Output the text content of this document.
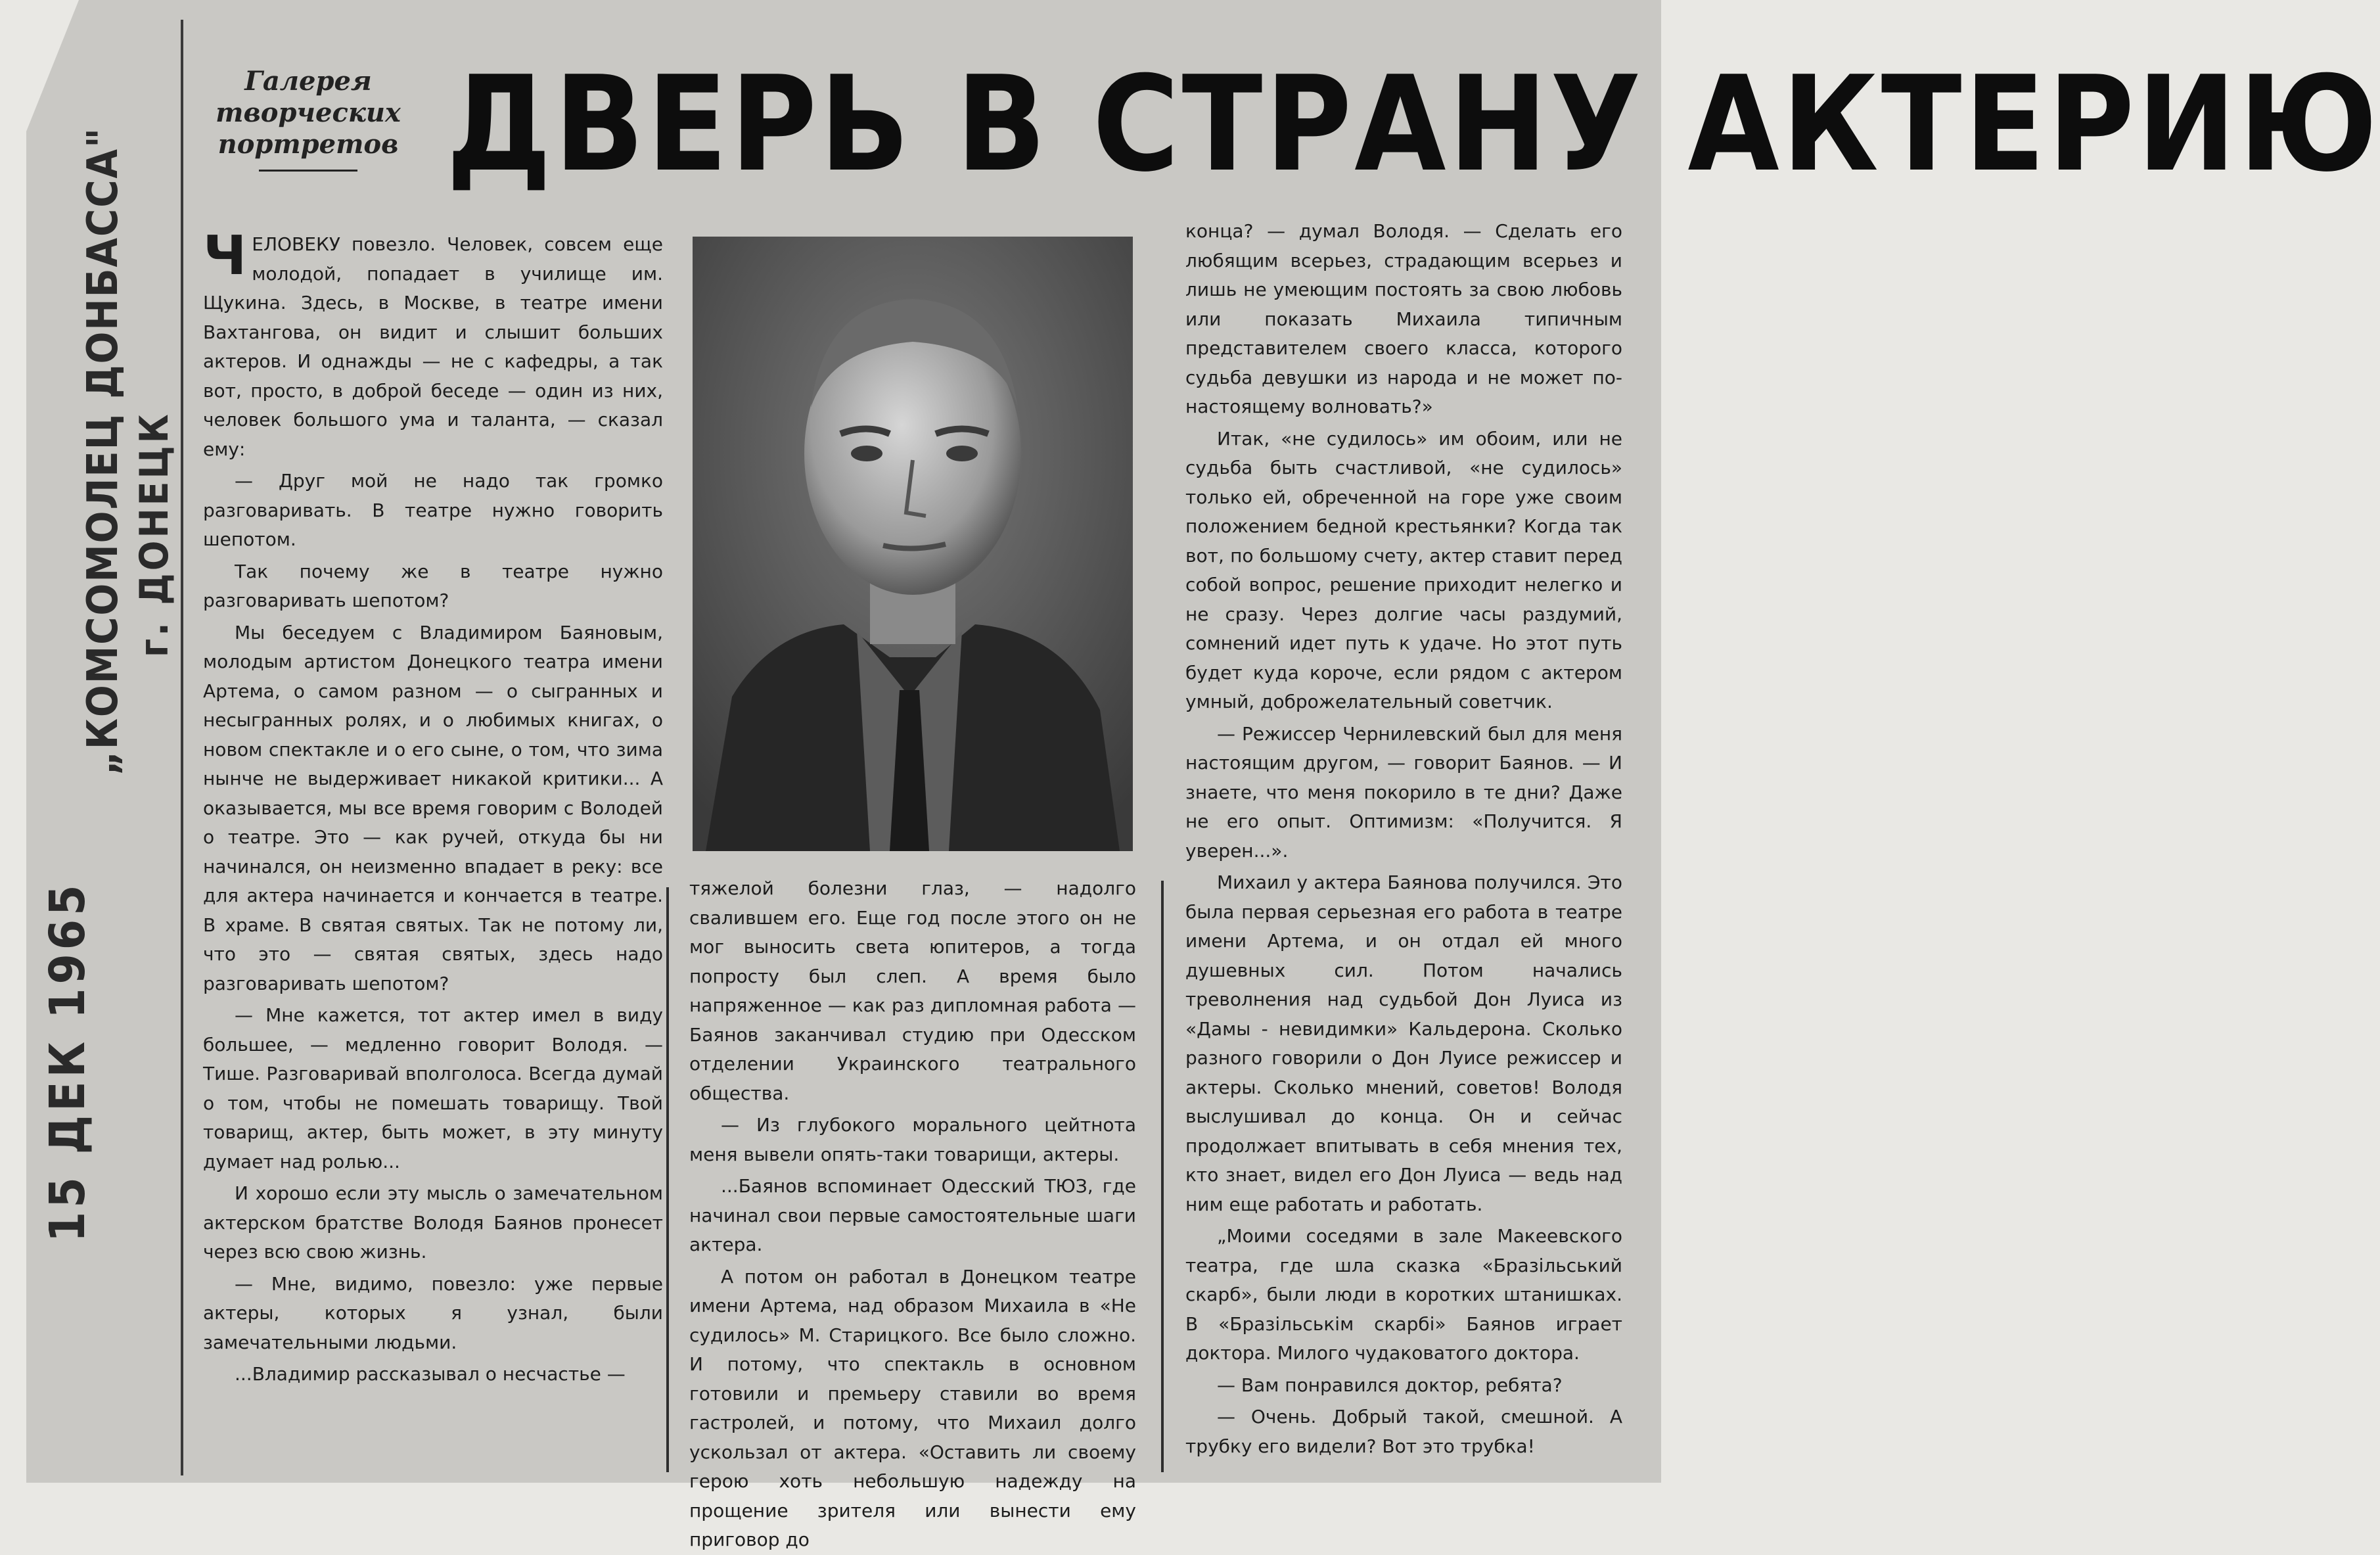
„КОМСОМОЛЕЦ ДОНБАССА" г. ДОНЕЦК
15 ДЕК 1965
Галерея творческих портретов ДВЕРЬ В СТРАНУ АКТЕРИЮ

ЧЕЛОВЕКУ повезло. Человек, совсем еще молодой, попадает в училище им. Щукина. Здесь, в Москве, в театре имени Вахтангова, он видит и слышит больших актеров. И однажды — не с кафедры, а так вот, просто, в доброй беседе — один из них, человек большого ума и таланта, — сказал ему:

— Друг мой не надо так громко разговаривать. В театре нужно говорить шепотом.

Так почему же в театре нужно разговаривать шепотом?

Мы беседуем с Владимиром Баяновым, молодым артистом Донецкого театра имени Артема, о самом разном — о сыгранных и несыгранных ролях, и о любимых книгах, о новом спектакле и о его сыне, о том, что зима нынче не выдерживает никакой критики... А оказывается, мы все время говорим с Володей о театре. Это — как ручей, откуда бы ни начинался, он неизменно впадает в реку: все для актера начинается и кончается в театре. В храме. В святая святых. Так не потому ли, что это — святая святых, здесь надо разговаривать шепотом?

— Мне кажется, тот актер имел в виду большее, — медленно говорит Володя. — Тише. Разговаривай вполголоса. Всегда думай о том, чтобы не помешать товарищу. Твой товарищ, актер, быть может, в эту минуту думает над ролью...

И хорошо если эту мысль о замечательном актерском братстве Володя Баянов пронесет через всю свою жизнь.

— Мне, видимо, повезло: уже первые актеры, которых я узнал, были замечательными людьми.

...Владимир рассказывал о несчастье —

тяжелой болезни глаз, — надолго свалившем его. Еще год после этого он не мог выносить света юпитеров, а тогда попросту был слеп. А время было напряженное — как раз дипломная работа — Баянов заканчивал студию при Одесском отделении Украинского театрального общества.

— Из глубокого морального цейтнота меня вывели опять-таки товарищи, актеры.

...Баянов вспоминает Одесский ТЮЗ, где начинал свои первые самостоятельные шаги актера.

А потом он работал в Донецком театре имени Артема, над образом Михаила в «Не судилось» М. Старицкого. Все было сложно. И потому, что спектакль в основном готовили и премьеру ставили во время гастролей, и потому, что Михаил долго ускользал от актера. «Оставить ли своему герою хоть небольшую надежду на прощение зрителя или вынести ему приговор до

конца? — думал Володя. — Сделать его любящим всерьез, страдающим всерьез и лишь не умеющим постоять за свою любовь или показать Михаила типичным представителем своего класса, которого судьба девушки из народа и не может по-настоящему волновать?»

Итак, «не судилось» им обоим, или не судьба быть счастливой, «не судилось» только ей, обреченной на горе уже своим положением бедной крестьянки? Когда так вот, по большому счету, актер ставит перед собой вопрос, решение приходит нелегко и не сразу. Через долгие часы раздумий, сомнений идет путь к удаче. Но этот путь будет куда короче, если рядом с актером умный, доброжелательный советчик.

— Режиссер Чернилевский был для меня настоящим другом, — говорит Баянов. — И знаете, что меня покорило в те дни? Даже не его опыт. Оптимизм: «Получится. Я уверен...».

Михаил у актера Баянова получился. Это была первая серьезная его работа в театре имени Артема, и он отдал ей много душевных сил. Потом начались треволнения над судьбой Дон Луиса из «Дамы - невидимки» Кальдерона. Сколько разного говорили о Дон Луисе режиссер и актеры. Сколько мнений, советов! Володя выслушивал до конца. Он и сейчас продолжает впитывать в себя мнения тех, кто знает, видел его Дон Луиса — ведь над ним еще работать и работать.

„Моими соседями в зале Макеевского театра, где шла сказка «Бразільський скарб», были люди в коротких штанишках. В «Бразільськім скарбі» Баянов играет доктора. Милого чудаковатого доктора.

— Вам понравился доктор, ребята?

— Очень. Добрый такой, смешной. А трубку его видели? Вот это трубка!
